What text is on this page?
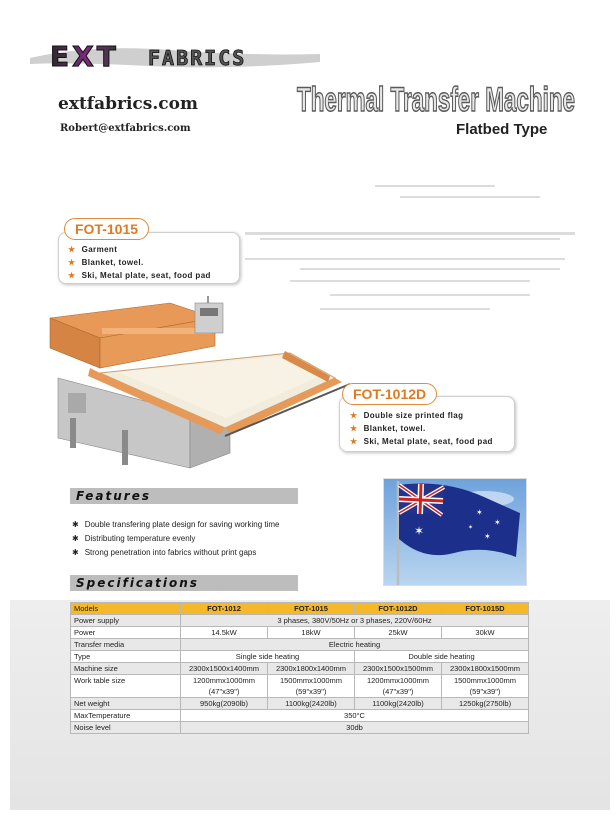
EXT FABRICS
extfabrics.com
Robert@extfabrics.com
Thermal Transfer Machine
Flatbed Type
FOT-1015
★ Garment
★ Blanket, towel.
★ Ski, Metal plate, seat, food pad
FOT-1012D
★ Double size printed flag
★ Blanket, towel.
★ Ski, Metal plate, seat, food pad
Features
✱ Double transfering plate design for saving working time
✱ Distributing temperature evenly
✱ Strong penetration into fabrics without print gaps
✶
✶
✶
✶
✶
Specifications
Models	FOT-1012	FOT-1015	FOT-1012D	FOT-1015D
Power supply	3 phases, 380V/50Hz or 3 phases, 220V/60Hz			
Power	14.5kW	18kW	25kW	30kW
Transfer media	Electric heating			
Type	Single side heating		Double side heating	
Machine size	2300x1500x1400mm	2300x1800x1400mm	2300x1500x1500mm	2300x1800x1500mm
Work table size	1200mmx1000mm	1500mmx1000mm	1200mmx1000mm	1500mmx1000mm
	(47"x39")	(59"x39")	(47"x39")	(59"x39")
Net weight	950kg(2090lb)	1100kg(2420lb)	1100kg(2420lb)	1250kg(2750lb)
MaxTemperature	350°C			
Noise level	30db			
